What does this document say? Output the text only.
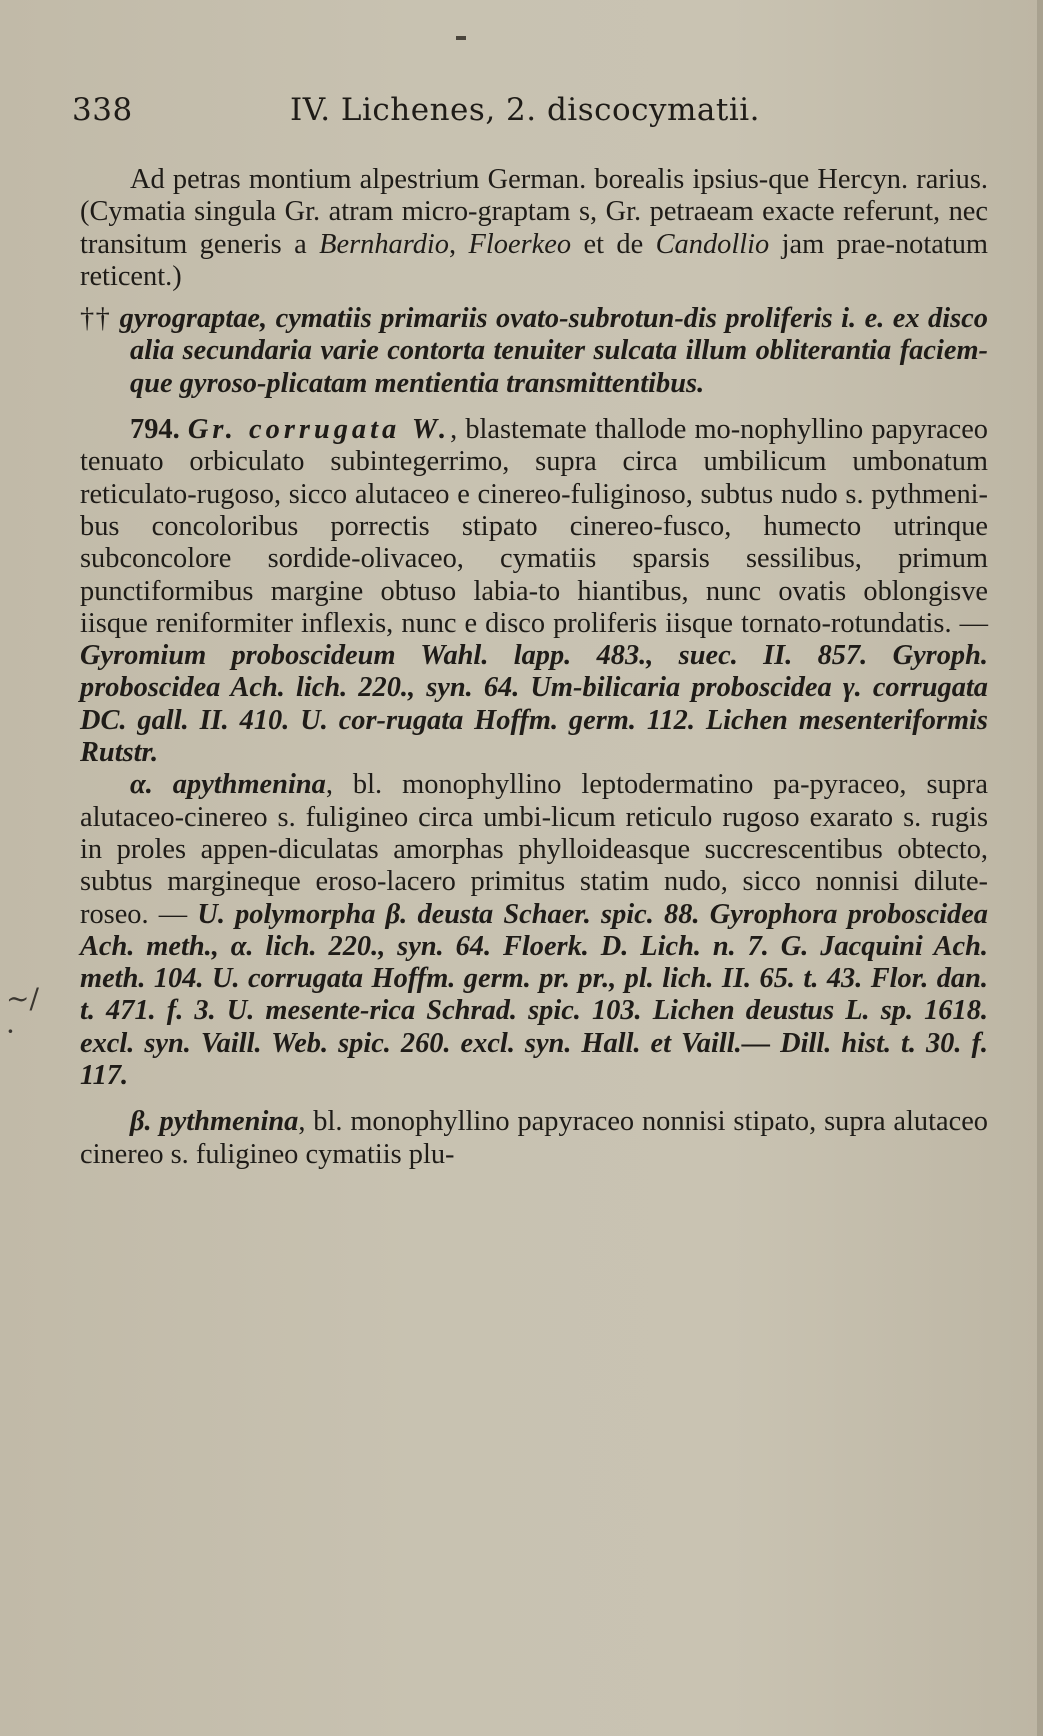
338	IV. Lichenes, 2. discocymatii.
~/·

Ad petras montium alpestrium German. borealis ipsius-que Hercyn. rarius. (Cymatia singula Gr. atram micro-graptam s, Gr. petraeam exacte referunt, nec transitum generis a Bernhardio, Floerkeo et de Candollio jam prae-notatum reticent.)

†† gyrograptae, cymatiis primariis ovato-subrotun-dis proliferis i. e. ex disco alia secundaria varie contorta tenuiter sulcata illum obliterantia faciem-que gyroso-plicatam mentientia transmittentibus.

794. Gr. corrugata W., blastemate thallode mo-nophyllino papyraceo tenuato orbiculato subintegerrimo, supra circa umbilicum umbonatum reticulato-rugoso, sicco alutaceo e cinereo-fuliginoso, subtus nudo s. pythmeni-bus concoloribus porrectis stipato cinereo-fusco, humecto utrinque subconcolore sordide-olivaceo, cymatiis sparsis sessilibus, primum punctiformibus margine obtuso labia-to hiantibus, nunc ovatis oblongisve iisque reniformiter inflexis, nunc e disco proliferis iisque tornato-rotundatis. — Gyromium proboscideum Wahl. lapp. 483., suec. II. 857. Gyroph. proboscidea Ach. lich. 220., syn. 64. Um-bilicaria proboscidea γ. corrugata DC. gall. II. 410. U. cor-rugata Hoffm. germ. 112. Lichen mesenteriformis Rutstr.

α. apythmenina, bl. monophyllino leptodermatino pa-pyraceo, supra alutaceo-cinereo s. fuligineo circa umbi-licum reticulo rugoso exarato s. rugis in proles appen-diculatas amorphas phylloideasque succrescentibus obtecto, subtus margineque eroso-lacero primitus statim nudo, sicco nonnisi dilute-roseo. — U. polymorpha β. deusta Schaer. spic. 88. Gyrophora proboscidea Ach. meth., α. lich. 220., syn. 64. Floerk. D. Lich. n. 7. G. Jacquini Ach. meth. 104. U. corrugata Hoffm. germ. pr. pr., pl. lich. II. 65. t. 43. Flor. dan. t. 471. f. 3. U. mesente-rica Schrad. spic. 103. Lichen deustus L. sp. 1618. excl. syn. Vaill. Web. spic. 260. excl. syn. Hall. et Vaill.— Dill. hist. t. 30. f. 117.

β. pythmenina, bl. monophyllino papyraceo nonnisi stipato, supra alutaceo cinereo s. fuligineo cymatiis plu-
